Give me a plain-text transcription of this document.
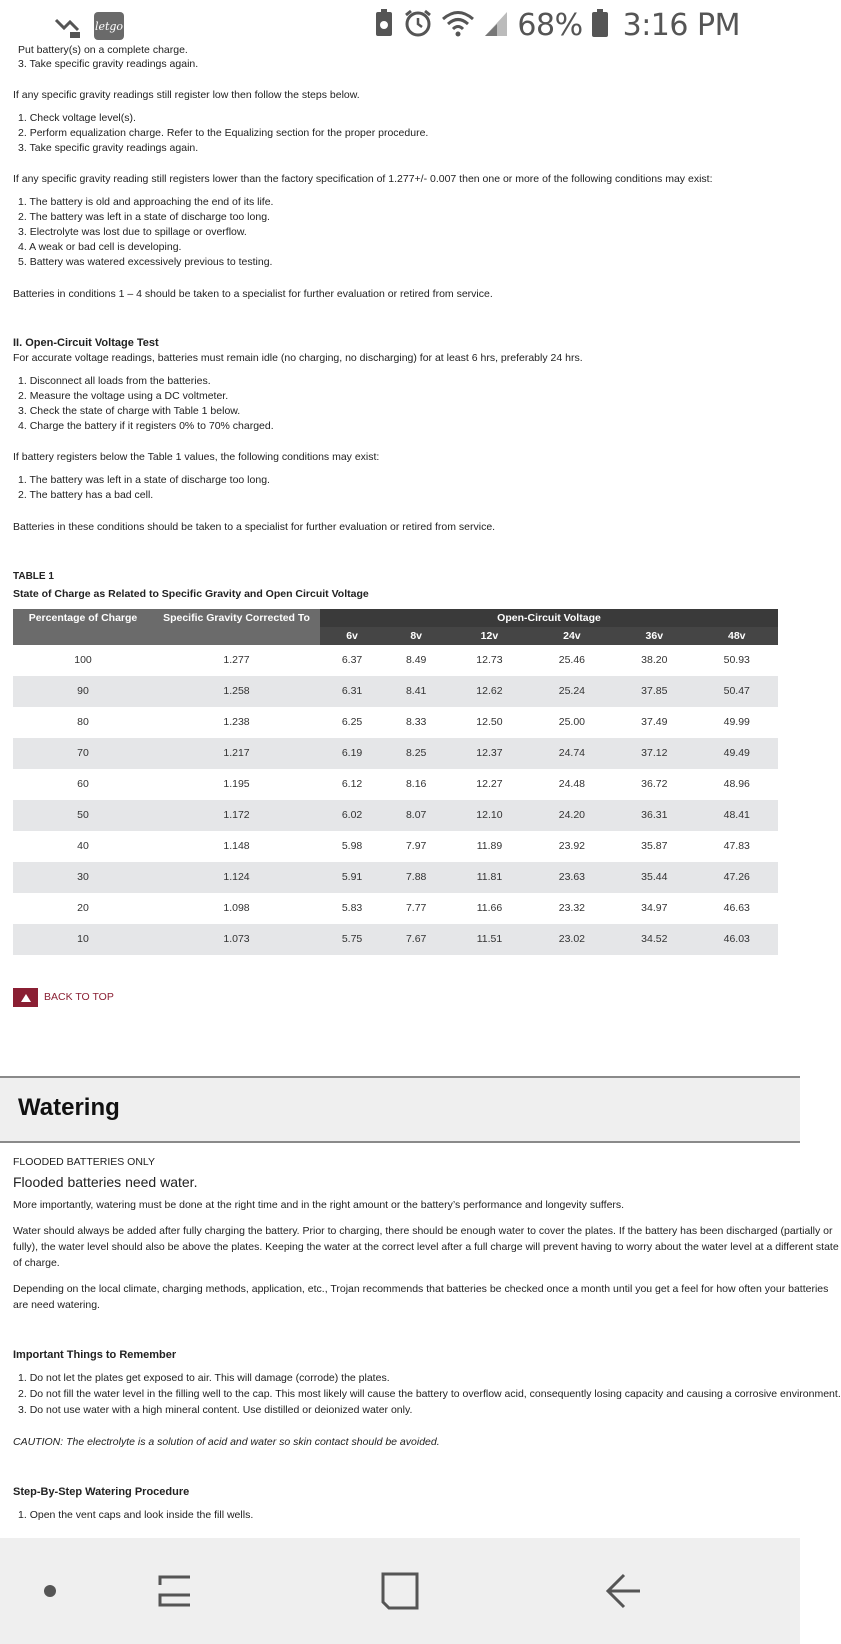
letgo	68% 3:16 PM
Put battery(s) on a complete charge.
3. Take specific gravity readings again.

If any specific gravity readings still register low then follow the steps below.

1. Check voltage level(s).
2. Perform equalization charge. Refer to the Equalizing section for the proper procedure.
3. Take specific gravity readings again.

If any specific gravity reading still registers lower than the factory specification of 1.277+/- 0.007 then one or more of the following conditions may exist:

1. The battery is old and approaching the end of its life.
2. The battery was left in a state of discharge too long.
3. Electrolyte was lost due to spillage or overflow.
4. A weak or bad cell is developing.
5. Battery was watered excessively previous to testing.

Batteries in conditions 1 – 4 should be taken to a specialist for further evaluation or retired from service.

II. Open-Circuit Voltage Test

For accurate voltage readings, batteries must remain idle (no charging, no discharging) for at least 6 hrs, preferably 24 hrs.

1. Disconnect all loads from the batteries.
2. Measure the voltage using a DC voltmeter.
3. Check the state of charge with Table 1 below.
4. Charge the battery if it registers 0% to 70% charged.

If battery registers below the Table 1 values, the following conditions may exist:

1. The battery was left in a state of discharge too long.
2. The battery has a bad cell.

Batteries in these conditions should be taken to a specialist for further evaluation or retired from service.

TABLE 1

State of Charge as Related to Specific Gravity and Open Circuit Voltage

Percentage of Charge	Specific Gravity Corrected To	Open-Circuit Voltage					
		6v	8v	12v	24v	36v	48v
100	1.277	6.37	8.49	12.73	25.46	38.20	50.93
90	1.258	6.31	8.41	12.62	25.24	37.85	50.47
80	1.238	6.25	8.33	12.50	25.00	37.49	49.99
70	1.217	6.19	8.25	12.37	24.74	37.12	49.49
60	1.195	6.12	8.16	12.27	24.48	36.72	48.96
50	1.172	6.02	8.07	12.10	24.20	36.31	48.41
40	1.148	5.98	7.97	11.89	23.92	35.87	47.83
30	1.124	5.91	7.88	11.81	23.63	35.44	47.26
20	1.098	5.83	7.77	11.66	23.32	34.97	46.63
10	1.073	5.75	7.67	11.51	23.02	34.52	46.03
BACK TO TOP
Watering

FLOODED BATTERIES ONLY

Flooded batteries need water.

More importantly, watering must be done at the right time and in the right amount or the battery’s performance and longevity suffers.

Water should always be added after fully charging the battery. Prior to charging, there should be enough water to cover the plates. If the battery has been discharged (partially or

fully), the water level should also be above the plates. Keeping the water at the correct level after a full charge will prevent having to worry about the water level at a different state

of charge.

Depending on the local climate, charging methods, application, etc., Trojan recommends that batteries be checked once a month until you get a feel for how often your batteries

are need watering.

Important Things to Remember

1. Do not let the plates get exposed to air. This will damage (corrode) the plates.
2. Do not fill the water level in the filling well to the cap. This most likely will cause the battery to overflow acid, consequently losing capacity and causing a corrosive environment.
3. Do not use water with a high mineral content. Use distilled or deionized water only.

CAUTION: The electrolyte is a solution of acid and water so skin contact should be avoided.

Step-By-Step Watering Procedure

1. Open the vent caps and look inside the fill wells.
